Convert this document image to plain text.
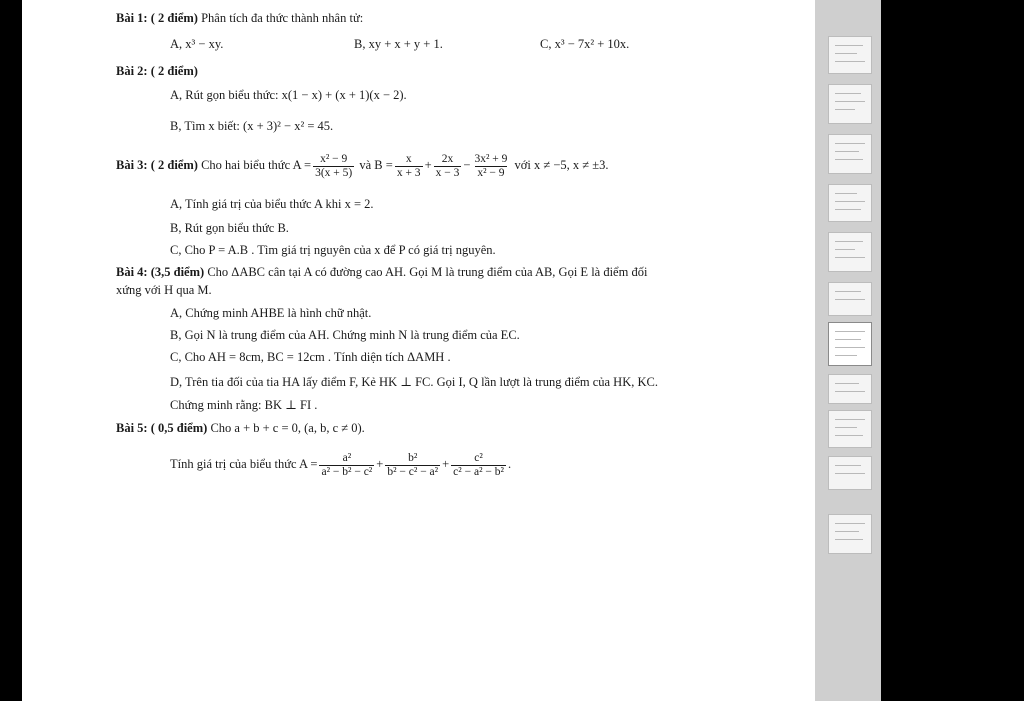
Bài 1: ( 2 điểm) Phân tích đa thức thành nhân tử:
A, x³ − xy.	B, xy + x + y + 1.	C, x³ − 7x² + 10x.
Bài 2: ( 2 điểm)
A, Rút gọn biểu thức: x(1 − x) + (x + 1)(x − 2).
B, Tìm x biết: (x + 3)² − x² = 45.
Bài 3: ( 2 điểm) Cho hai biểu thức $A = \frac{\text{x² − 9}}{3(x + 5)}$ và $B = \frac{x}{x + 3} + \frac{2x}{x - 3} - \frac{\text{3x² + 9}}{\text{x² − 9}}$ với x ≠ −5, x ≠ ±3.
A, Tính giá trị của biểu thức A khi x = 2.
B, Rút gọn biểu thức B.
C, Cho P = A.B . Tìm giá trị nguyên của x để P có giá trị nguyên.
Bài 4: (3,5 điểm) Cho ΔABC cân tại A có đường cao AH. Gọi M là trung điểm của AB, Gọi E là điểm đối
xứng với H qua M.
A, Chứng minh AHBE là hình chữ nhật.
B, Gọi N là trung điểm của AH. Chứng minh N là trung điểm của EC.
C, Cho AH = 8cm, BC = 12cm . Tính diện tích ΔAMH .
D, Trên tia đối của tia HA lấy điểm F, Kẻ HK ⊥ FC. Gọi I, Q lần lượt là trung điểm của HK, KC.
Chứng minh rằng: BK ⊥ FI .
Bài 5: ( 0,5 điểm) Cho a + b + c = 0, (a, b, c ≠ 0).
Tính giá trị của biểu thức $A = \frac{\text{a²}}{\text{a² − b² − c²}} + \frac{\text{b²}}{\text{b² − c² − a²}} + \frac{\text{c²}}{\text{c² − a² − b²}}$ .
